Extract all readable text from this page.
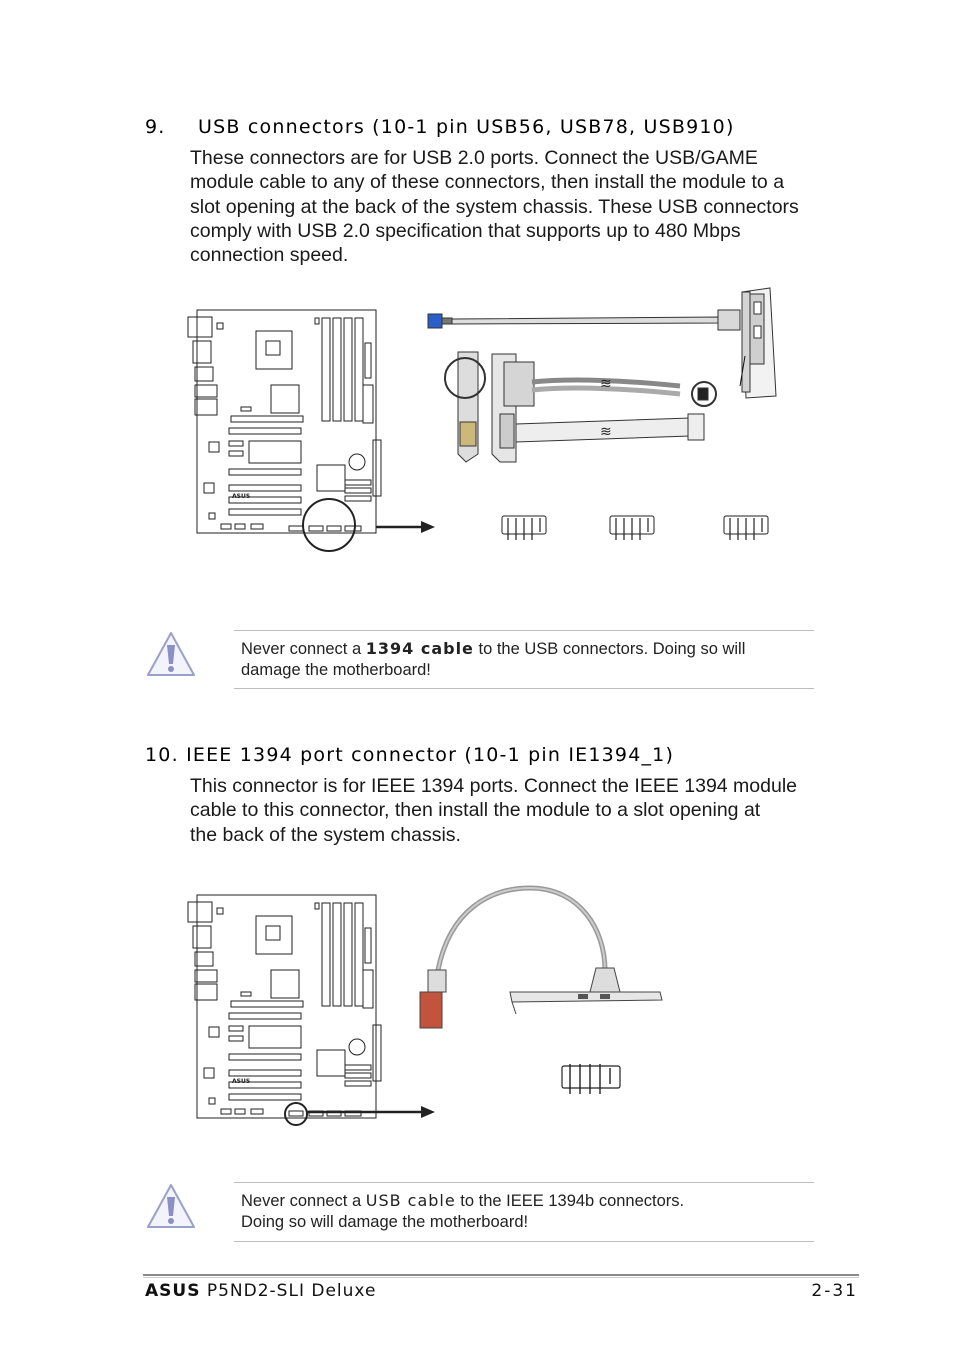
9. USB connectors (10-1 pin USB56, USB78, USB910)
These connectors are for USB 2.0 ports. Connect the USB/GAME
module cable to any of these connectors, then install the module to a
slot opening at the back of the system chassis. These USB connectors
comply with USB 2.0 specification that supports up to 480 Mbps
connection speed.
ASUS
≋
≋
Never connect a 1394 cable to the USB connectors. Doing so will
damage the motherboard!
10. IEEE 1394 port connector (10-1 pin IE1394_1)
This connector is for IEEE 1394 ports. Connect the IEEE 1394 module
cable to this connector, then install the module to a slot opening at
the back of the system chassis.
ASUS
Never connect a USB cable to the IEEE 1394b connectors.
Doing so will damage the motherboard!
ASUS P5ND2-SLI Deluxe	2-31
